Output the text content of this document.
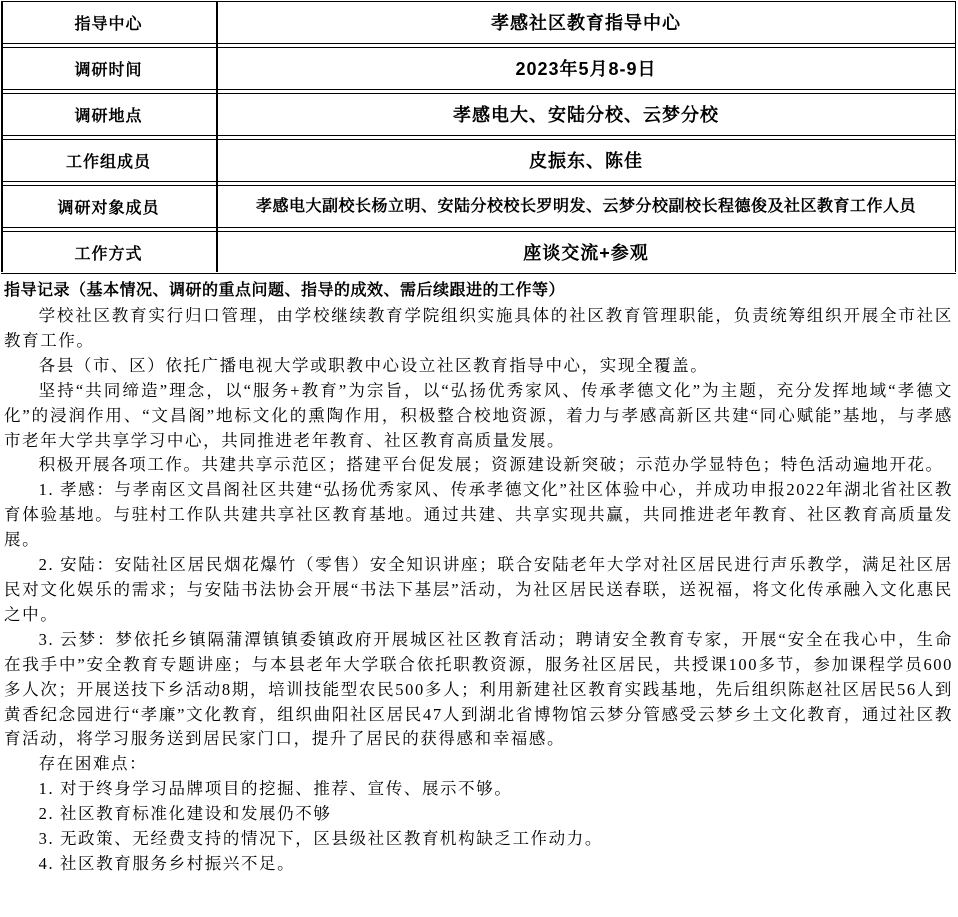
指导中心	孝感社区教育指导中心
调研时间	2023年5月8-9日
调研地点	孝感电大、安陆分校、云梦分校
工作组成员	皮振东、陈佳
调研对象成员	孝感电大副校长杨立明、安陆分校校长罗明发、云梦分校副校长程德俊及社区教育工作人员
工作方式	座谈交流+参观
指导记录（基本情况、调研的重点问题、指导的成效、需后续跟进的工作等）

学校社区教育实行归口管理，由学校继续教育学院组织实施具体的社区教育管理职能，负责统筹组织开展全市社区教育工作。

各县（市、区）依托广播电视大学或职教中心设立社区教育指导中心，实现全覆盖。

坚持“共同缔造”理念，以“服务+教育”为宗旨，以“弘扬优秀家风、传承孝德文化”为主题，充分发挥地域“孝德文化”的浸润作用、“文昌阁”地标文化的熏陶作用，积极整合校地资源，着力与孝感高新区共建“同心赋能”基地，与孝感市老年大学共享学习中心，共同推进老年教育、社区教育高质量发展。

积极开展各项工作。共建共享示范区；搭建平台促发展；资源建设新突破；示范办学显特色；特色活动遍地开花。

1. 孝感：与孝南区文昌阁社区共建“弘扬优秀家风、传承孝德文化”社区体验中心，并成功申报2022年湖北省社区教育体验基地。与驻村工作队共建共享社区教育基地。通过共建、共享实现共赢，共同推进老年教育、社区教育高质量发展。

2. 安陆：安陆社区居民烟花爆竹（零售）安全知识讲座；联合安陆老年大学对社区居民进行声乐教学，满足社区居民对文化娱乐的需求；与安陆书法协会开展“书法下基层”活动，为社区居民送春联，送祝福，将文化传承融入文化惠民之中。

3. 云梦：梦依托乡镇隔蒲潭镇镇委镇政府开展城区社区教育活动；聘请安全教育专家，开展“安全在我心中，生命在我手中”安全教育专题讲座；与本县老年大学联合依托职教资源，服务社区居民，共授课100多节，参加课程学员600多人次；开展送技下乡活动8期，培训技能型农民500多人；利用新建社区教育实践基地，先后组织陈赵社区居民56人到黄香纪念园进行“孝廉”文化教育，组织曲阳社区居民47人到湖北省博物馆云梦分管感受云梦乡土文化教育，通过社区教育活动，将学习服务送到居民家门口，提升了居民的获得感和幸福感。

存在困难点：

1. 对于终身学习品牌项目的挖掘、推荐、宣传、展示不够。

2. 社区教育标准化建设和发展仍不够

3. 无政策、无经费支持的情况下，区县级社区教育机构缺乏工作动力。

4. 社区教育服务乡村振兴不足。
